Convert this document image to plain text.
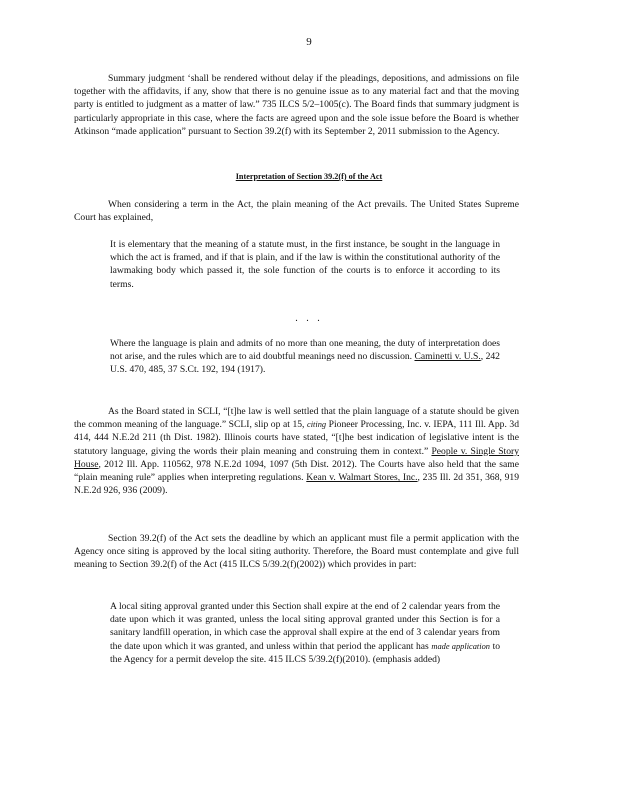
9

Summary judgment ‘shall be rendered without delay if the pleadings, depositions, and admissions on file together with the affidavits, if any, show that there is no genuine issue as to any material fact and that the moving party is entitled to judgment as a matter of law.” 735 ILCS 5/2–1005(c). The Board finds that summary judgment is particularly appropriate in this case, where the facts are agreed upon and the sole issue before the Board is whether Atkinson “made application” pursuant to Section 39.2(f) with its September 2, 2011 submission to the Agency.

Interpretation of Section 39.2(f) of the Act

When considering a term in the Act, the plain meaning of the Act prevails. The United States Supreme Court has explained,

It is elementary that the meaning of a statute must, in the first instance, be sought in the language in which the act is framed, and if that is plain, and if the law is within the constitutional authority of the lawmaking body which passed it, the sole function of the courts is to enforce it according to its terms.

. . .

Where the language is plain and admits of no more than one meaning, the duty of interpretation does not arise, and the rules which are to aid doubtful meanings need no discussion. Caminetti v. U.S., 242 U.S. 470, 485, 37 S.Ct. 192, 194 (1917).

As the Board stated in SCLI, “[t]he law is well settled that the plain language of a statute should be given the common meaning of the language.” SCLI, slip op at 15, citing Pioneer Processing, Inc. v. IEPA, 111 Ill. App. 3d 414, 444 N.E.2d 211 (th Dist. 1982). Illinois courts have stated, “[t]he best indication of legislative intent is the statutory language, giving the words their plain meaning and construing them in context.” People v. Single Story House, 2012 Ill. App. 110562, 978 N.E.2d 1094, 1097 (5th Dist. 2012). The Courts have also held that the same “plain meaning rule” applies when interpreting regulations. Kean v. Walmart Stores, Inc., 235 Ill. 2d 351, 368, 919 N.E.2d 926, 936 (2009).

Section 39.2(f) of the Act sets the deadline by which an applicant must file a permit application with the Agency once siting is approved by the local siting authority. Therefore, the Board must contemplate and give full meaning to Section 39.2(f) of the Act (415 ILCS 5/39.2(f)(2002)) which provides in part:

A local siting approval granted under this Section shall expire at the end of 2 calendar years from the date upon which it was granted, unless the local siting approval granted under this Section is for a sanitary landfill operation, in which case the approval shall expire at the end of 3 calendar years from the date upon which it was granted, and unless within that period the applicant has made application to the Agency for a permit develop the site. 415 ILCS 5/39.2(f)(2010). (emphasis added)
